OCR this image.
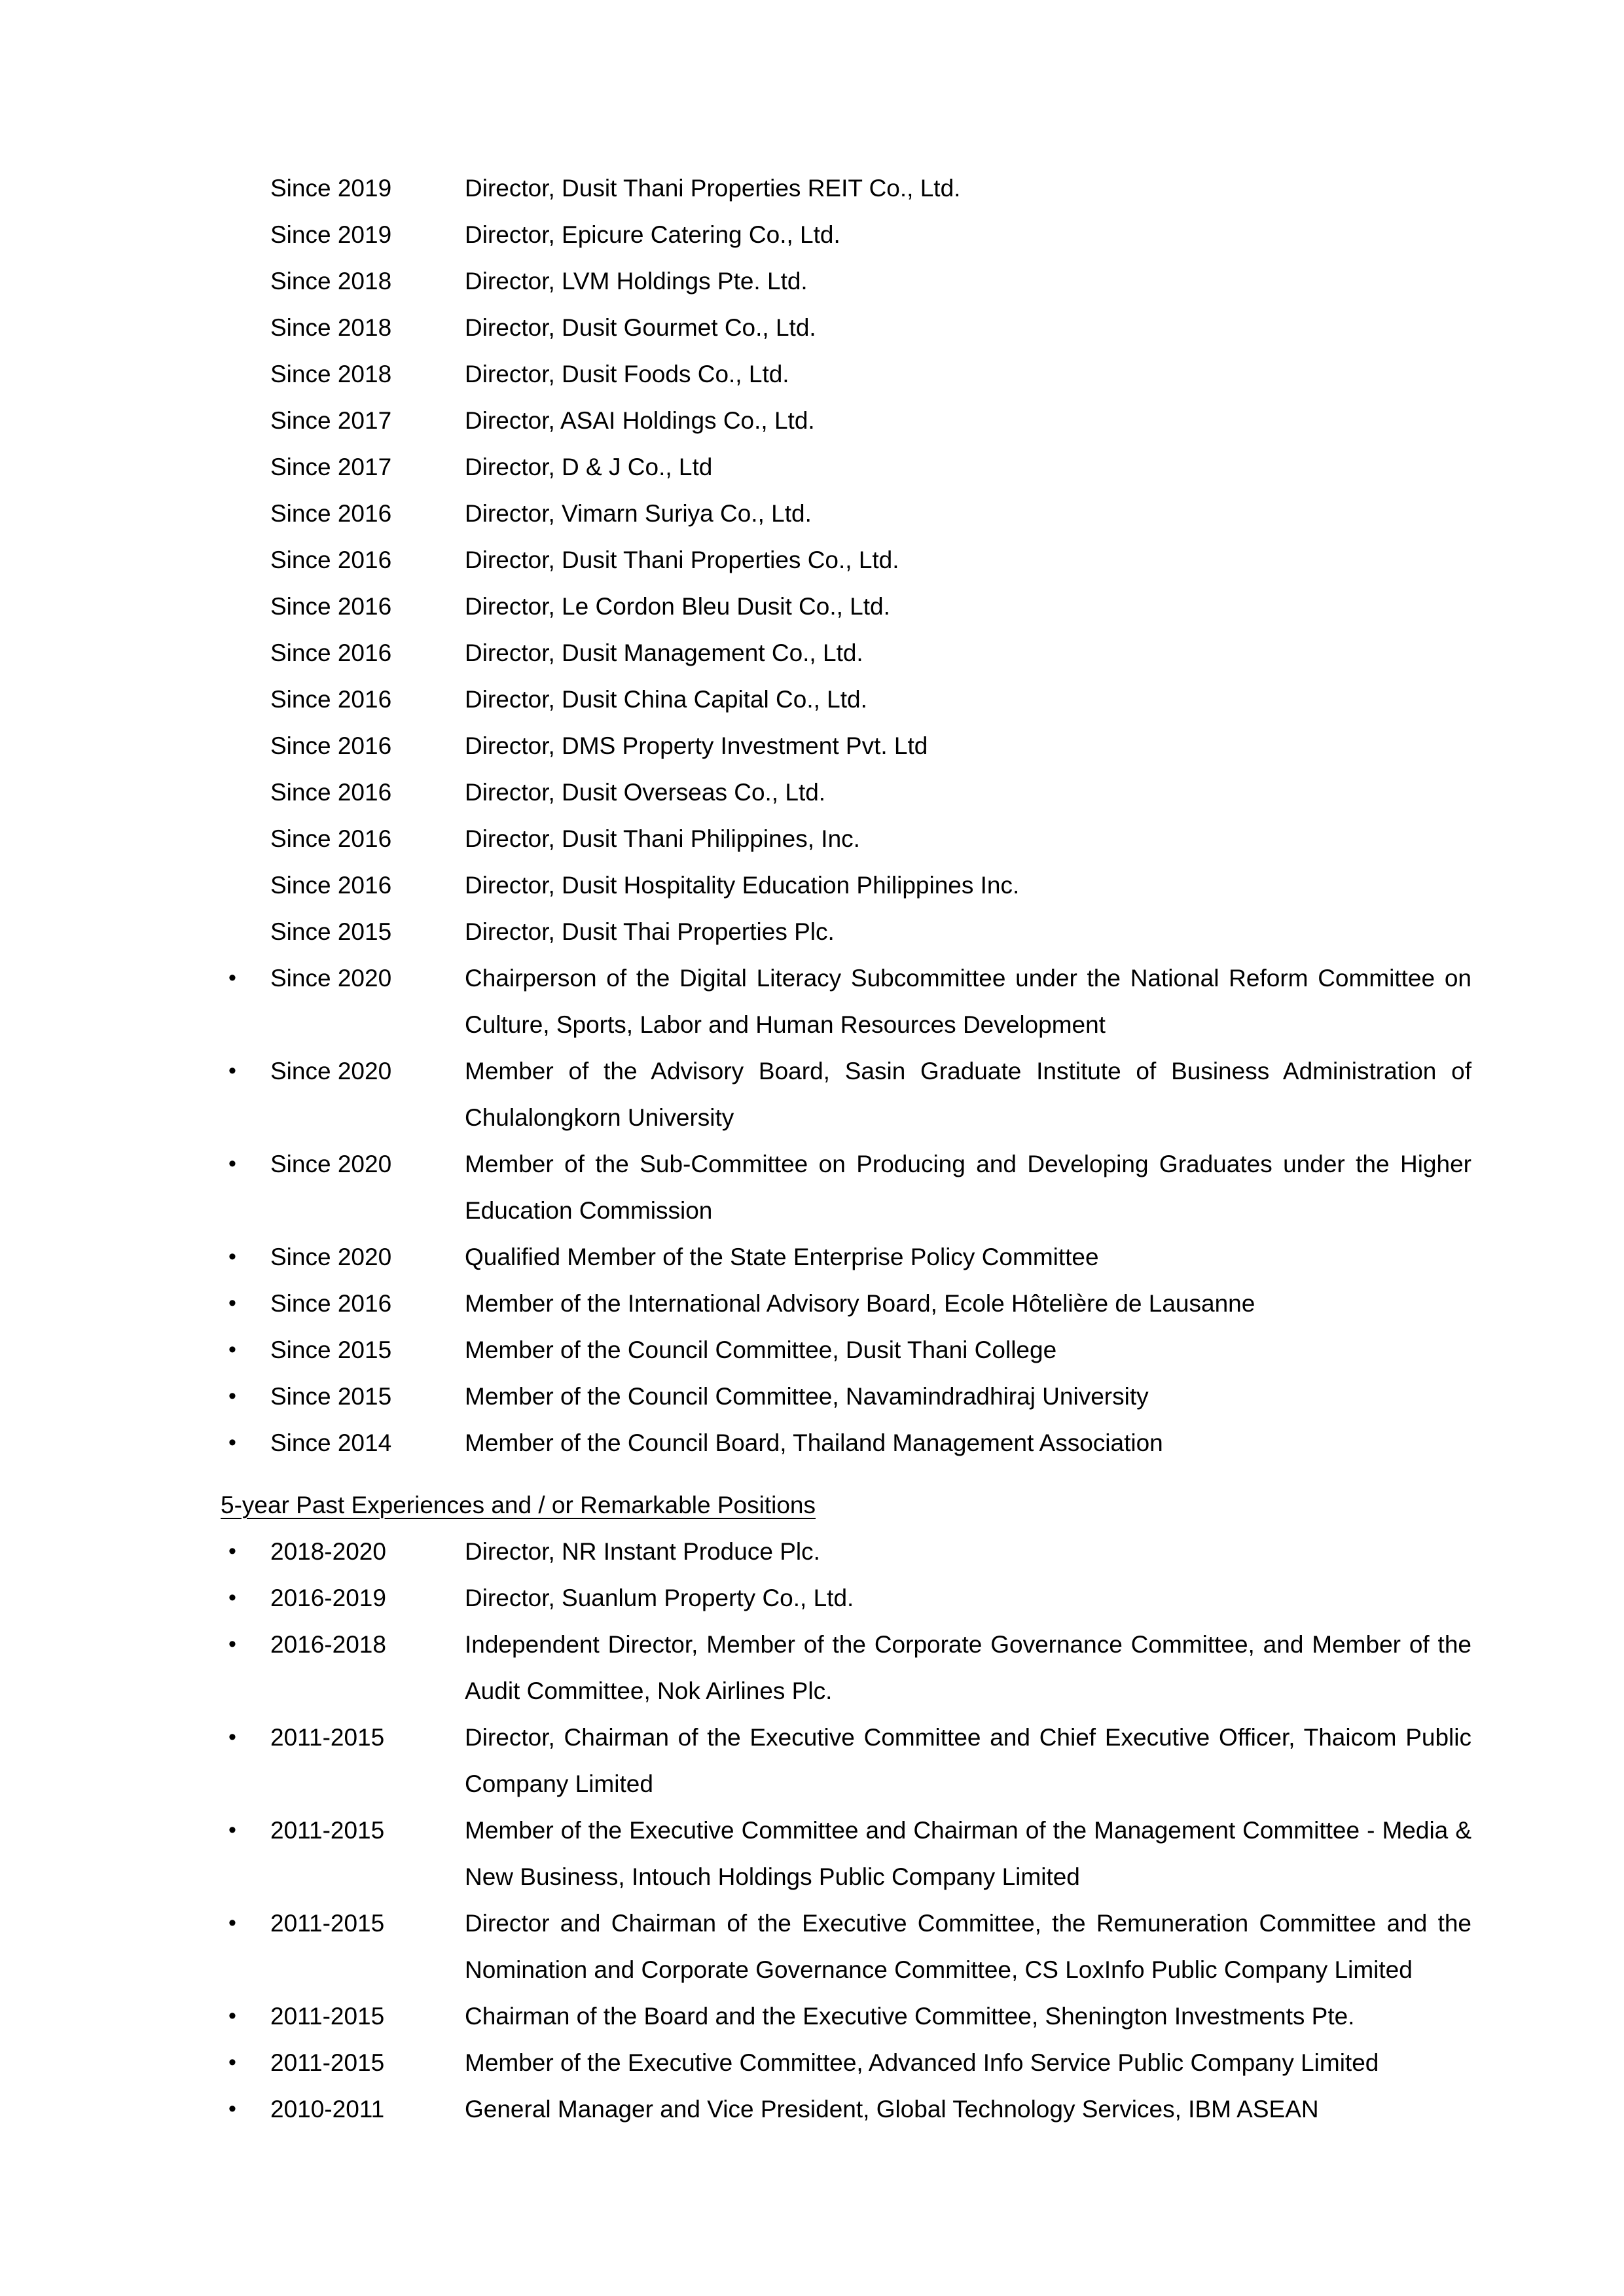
Since 2019	Director, Dusit Thani Properties REIT Co., Ltd.
Since 2019	Director, Epicure Catering Co., Ltd.
Since 2018	Director, LVM Holdings Pte. Ltd.
Since 2018	Director, Dusit Gourmet Co., Ltd.
Since 2018	Director, Dusit Foods Co., Ltd.
Since 2017	Director, ASAI Holdings Co., Ltd.
Since 2017	Director, D & J Co., Ltd
Since 2016	Director, Vimarn Suriya Co., Ltd.
Since 2016	Director, Dusit Thani Properties Co., Ltd.
Since 2016	Director, Le Cordon Bleu Dusit Co., Ltd.
Since 2016	Director, Dusit Management Co., Ltd.
Since 2016	Director, Dusit China Capital Co., Ltd.
Since 2016	Director, DMS Property Investment Pvt. Ltd
Since 2016	Director, Dusit Overseas Co., Ltd.
Since 2016	Director, Dusit Thani Philippines, Inc.
Since 2016	Director, Dusit Hospitality Education Philippines Inc.
Since 2015	Director, Dusit Thai Properties Plc.
•	Since 2020	Chairperson of the Digital Literacy Subcommittee under the National Reform Committee on Culture, Sports, Labor and Human Resources Development
•	Since 2020	Member of the Advisory Board, Sasin Graduate Institute of Business Administration of Chulalongkorn University
•	Since 2020	Member of the Sub-Committee on Producing and Developing Graduates under the Higher Education Commission
•	Since 2020	Qualified Member of the State Enterprise Policy Committee
•	Since 2016	Member of the International Advisory Board, Ecole Hôtelière de Lausanne
•	Since 2015	Member of the Council Committee, Dusit Thani College
•	Since 2015	Member of the Council Committee, Navamindradhiraj University
•	Since 2014	Member of the Council Board, Thailand Management Association
5-year Past Experiences and / or Remarkable Positions
•	2018-2020	Director, NR Instant Produce Plc.
•	2016-2019	Director, Suanlum Property Co., Ltd.
•	2016-2018	Independent Director, Member of the Corporate Governance Committee, and Member of the Audit Committee, Nok Airlines Plc.
•	2011-2015	Director, Chairman of the Executive Committee and Chief Executive Officer, Thaicom Public Company Limited
•	2011-2015	Member of the Executive Committee and Chairman of the Management Committee - Media & New Business, Intouch Holdings Public Company Limited
•	2011-2015	Director and Chairman of the Executive Committee, the Remuneration Committee and the Nomination and Corporate Governance Committee, CS LoxInfo Public Company Limited
•	2011-2015	Chairman of the Board and the Executive Committee, Shenington Investments Pte.
•	2011-2015	Member of the Executive Committee, Advanced Info Service Public Company Limited
•	2010-2011	General Manager and Vice President, Global Technology Services, IBM ASEAN
